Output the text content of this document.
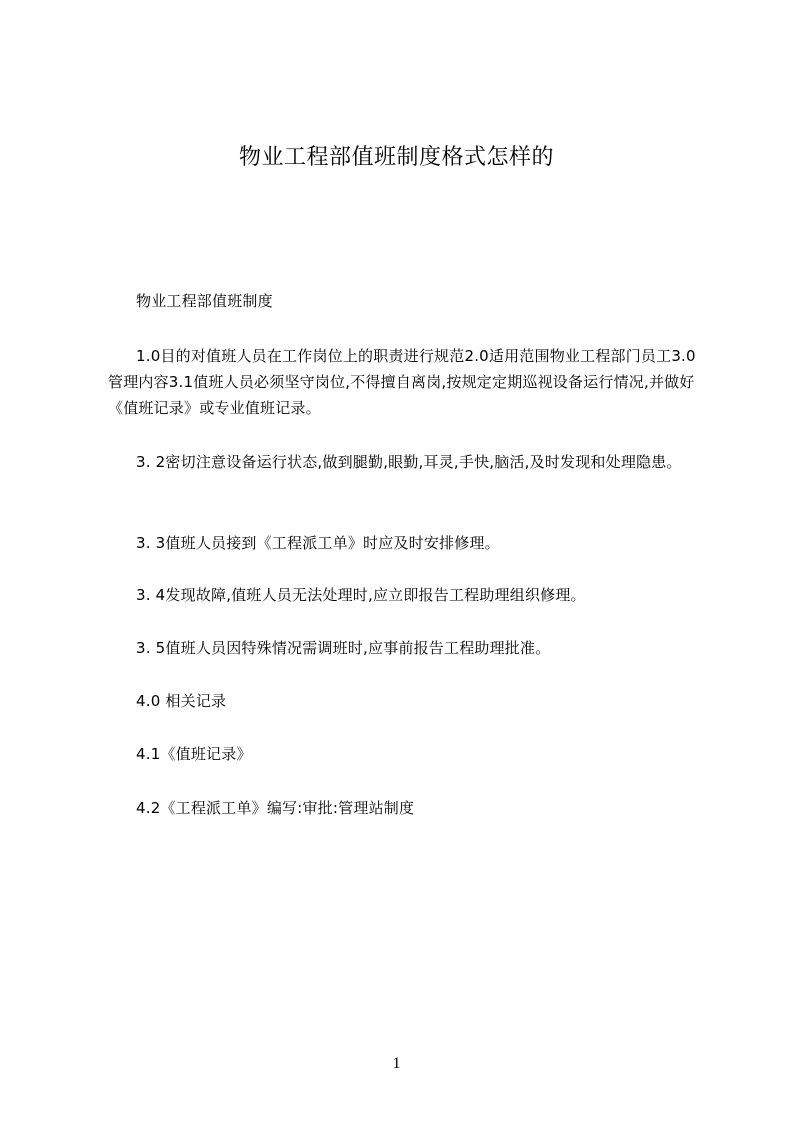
物业工程部值班制度格式怎样的
物业工程部值班制度
1.0目的对值班人员在工作岗位上的职责进行规范2.0适用范围物业工程部门员工3.0管理内容3.1值班人员必须坚守岗位,不得擅自离岗,按规定定期巡视设备运行情况,并做好《值班记录》或专业值班记录。
3. 2密切注意设备运行状态,做到腿勤,眼勤,耳灵,手快,脑活,及时发现和处理隐患。
3. 3值班人员接到《工程派工单》时应及时安排修理。
3. 4发现故障,值班人员无法处理时,应立即报告工程助理组织修理。
3. 5值班人员因特殊情况需调班时,应事前报告工程助理批准。
4.0 相关记录
4.1《值班记录》
4.2《工程派工单》编写:审批:管理站制度
1
